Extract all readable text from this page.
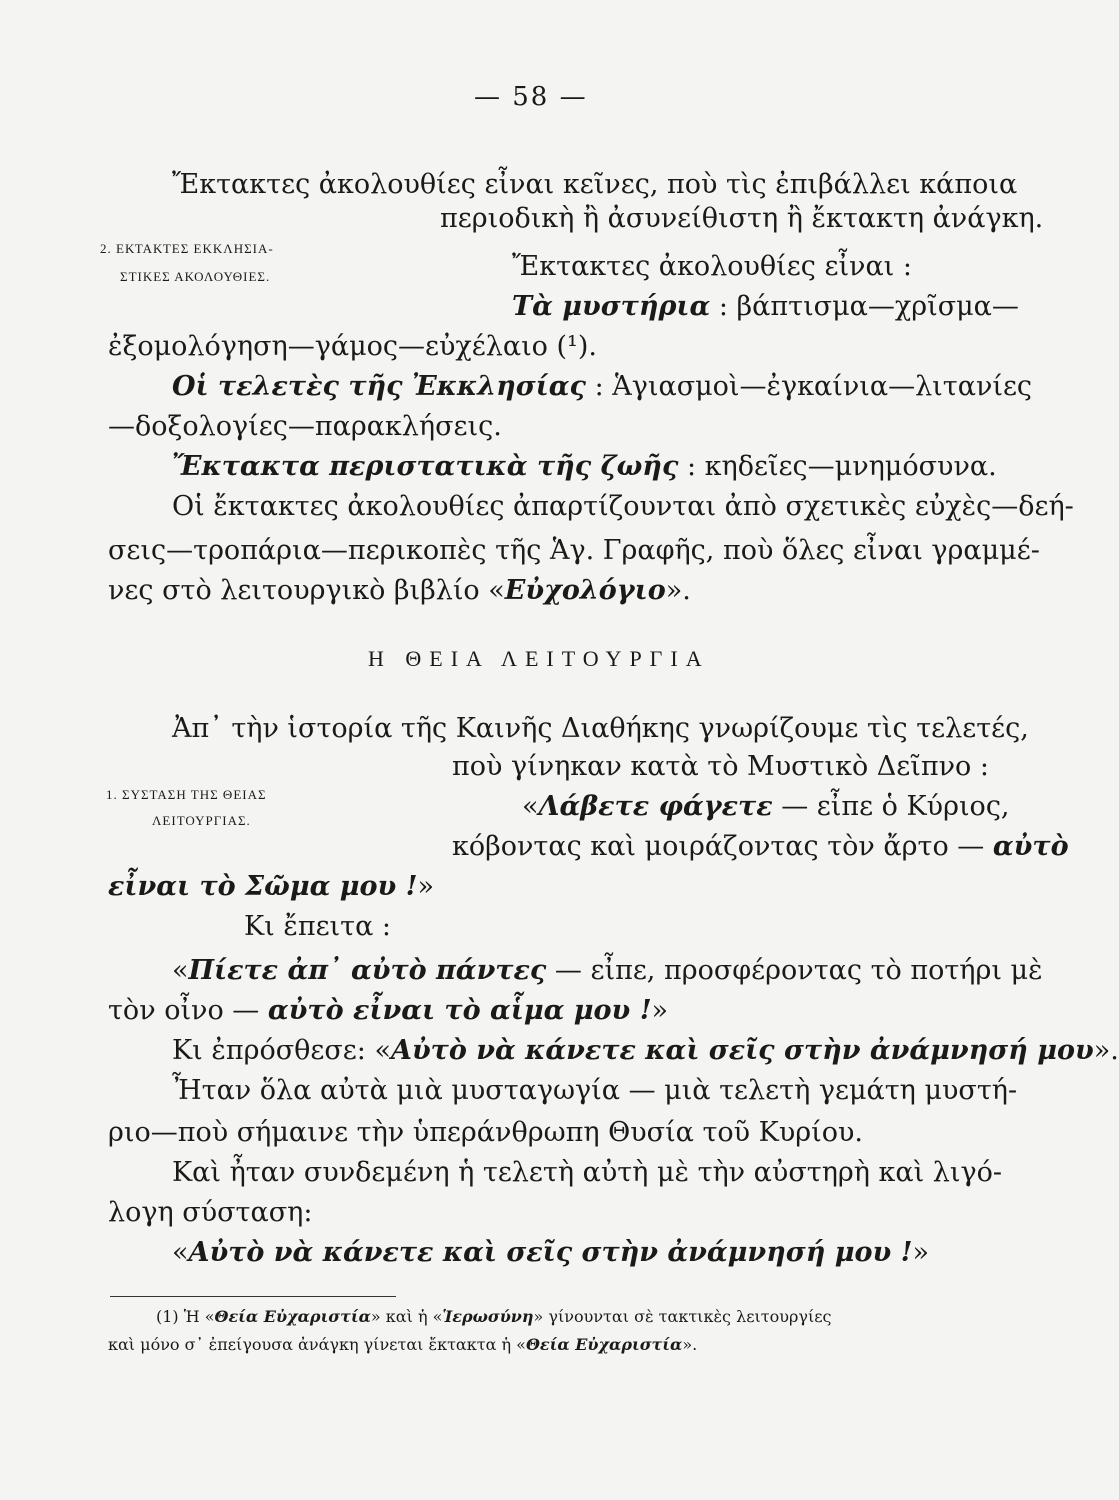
— 58 —
Ἔκτακτες ἀκολουθίες εἶναι κεῖνες, ποὺ τὶς ἐπιβάλλει κάποια
περιοδικὴ ἢ ἀσυνείθιστη ἢ ἔκτακτη ἀνάγκη.
2. ΕΚΤΑΚΤΕΣ ΕΚΚΛΗΣΙΑ-
ΣΤΙΚΕΣ ΑΚΟΛΟΥΘΙΕΣ.	Ἔκτακτες ἀκολουθίες εἶναι :
Τὰ μυστήρια : βάπτισμα—χρῖσμα—
ἐξομολόγηση—γάμος—εὐχέλαιο (¹).
Οἱ τελετὲς τῆς Ἐκκλησίας : Ἁγιασμοὶ—ἐγκαίνια—λιτανίες
—δοξολογίες—παρακλήσεις.
Ἔκτακτα περιστατικὰ τῆς ζωῆς : κηδεῖες—μνημόσυνα.
Οἱ ἔκτακτες ἀκολουθίες ἀπαρτίζουνται ἀπὸ σχετικὲς εὐχὲς—δεή-
σεις—τροπάρια—περικοπὲς τῆς Ἁγ. Γραφῆς, ποὺ ὅλες εἶναι γραμμέ-
νες στὸ λειτουργικὸ βιβλίο «Εὐχολόγιο».
Η ΘΕΙΑ ΛΕΙΤΟΥΡΓΙΑ
Ἀπ᾿ τὴν ἱστορία τῆς Καινῆς Διαθήκης γνωρίζουμε τὶς τελετές,
ποὺ γίνηκαν κατὰ τὸ Μυστικὸ Δεῖπνο :
1. ΣΥΣΤΑΣΗ ΤΗΣ ΘΕΙΑΣ
ΛΕΙΤΟΥΡΓΙΑΣ.	«Λάβετε φάγετε — εἶπε ὁ Κύριος,
κόβοντας καὶ μοιράζοντας τὸν ἄρτο — αὐτὸ
εἶναι τὸ Σῶμα μου !»
Κι ἔπειτα :
«Πίετε ἀπ᾿ αὐτὸ πάντες — εἶπε, προσφέροντας τὸ ποτήρι μὲ
τὸν οἶνο — αὐτὸ εἶναι τὸ αἷμα μου !»
Κι ἐπρόσθεσε: «Αὐτὸ νὰ κάνετε καὶ σεῖς στὴν ἀνάμνησή μου».
Ἦταν ὅλα αὐτὰ μιὰ μυσταγωγία — μιὰ τελετὴ γεμάτη μυστή-
ριο—ποὺ σήμαινε τὴν ὑπεράνθρωπη Θυσία τοῦ Κυρίου.
Καὶ ἦταν συνδεμένη ἡ τελετὴ αὐτὴ μὲ τὴν αὐστηρὴ καὶ λιγό-
λογη σύσταση:
«Αὐτὸ νὰ κάνετε καὶ σεῖς στὴν ἀνάμνησή μου !»
(1) Ἡ «Θεία Εὐχαριστία» καὶ ἡ «Ἱερωσύνη» γίνουνται σὲ τακτικὲς λειτουργίες
καὶ μόνο σ᾿ ἐπείγουσα ἀνάγκη γίνεται ἔκτακτα ἡ «Θεία Εὐχαριστία».
